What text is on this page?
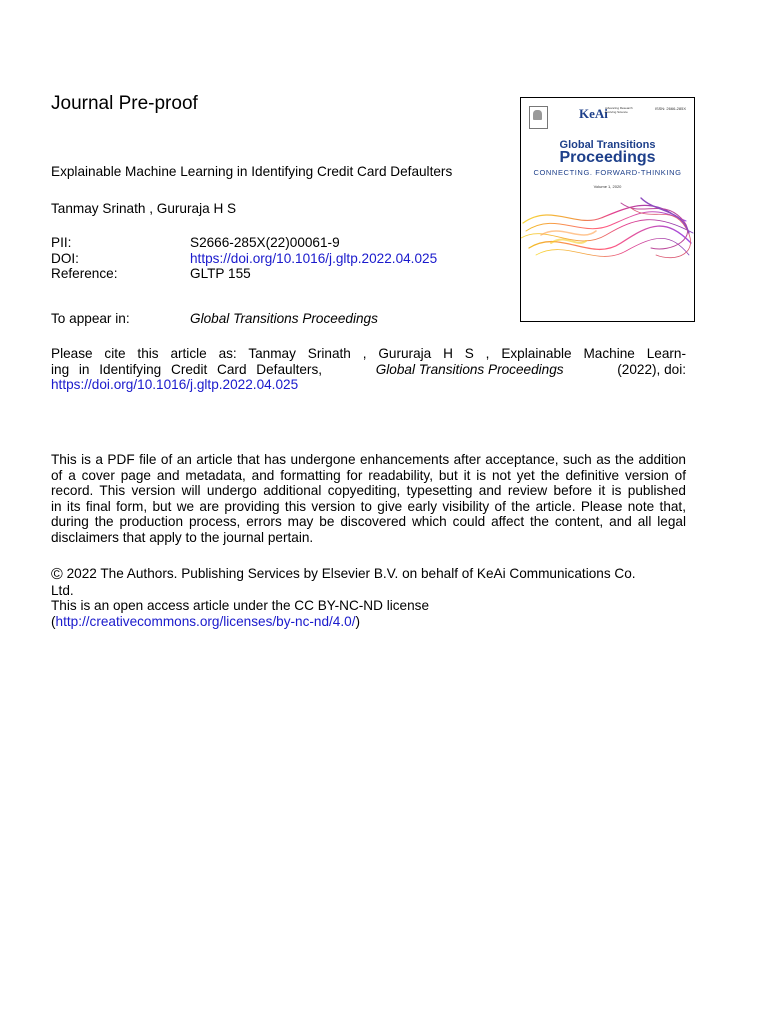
Journal Pre-proof
Explainable Machine Learning in Identifying Credit Card Defaulters
Tanmay Srinath , Gururaja H S
PII:	S2666-285X(22)00061-9
DOI:	https://doi.org/10.1016/j.gltp.2022.04.025
Reference:	GLTP 155
To appear in:	Global Transitions Proceedings
Please cite this article as: Tanmay Srinath , Gururaja H S , Explainable Machine Learn-
ing in Identifying Credit Card Defaulters,	Global Transitions Proceedings	(2022), doi:
https://doi.org/10.1016/j.gltp.2022.04.025
This is a PDF file of an article that has undergone enhancements after acceptance, such as the addition
of a cover page and metadata, and formatting for readability, but it is not yet the definitive version of
record. This version will undergo additional copyediting, typesetting and review before it is published
in its final form, but we are providing this version to give early visibility of the article. Please note that,
during the production process, errors may be discovered which could affect the content, and all legal
disclaimers that apply to the journal pertain.
© 2022 The Authors. Publishing Services by Elsevier B.V. on behalf of KeAi Communications Co.
Ltd.
This is an open access article under the CC BY-NC-ND license
(http://creativecommons.org/licenses/by-nc-nd/4.0/)
KeAi
Advancing Research Evolving Science
ISSN: 2666-285X
Global Transitions
Proceedings
CONNECTING. FORWARD-THINKING
Volume 1, 2020
